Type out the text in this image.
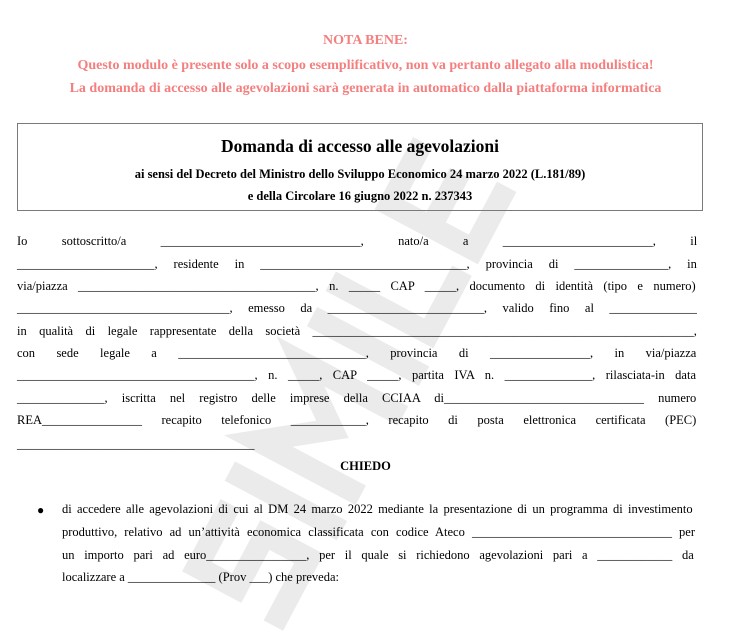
NOTA BENE:
Questo modulo è presente solo a scopo esemplificativo, non va pertanto allegato alla modulistica!
La domanda di accesso alle agevolazioni sarà generata in automatico dalla piattaforma informatica
Domanda di accesso alle agevolazioni
ai sensi del Decreto del Ministro dello Sviluppo Economico 24 marzo 2022 (L.181/89)
e della Circolare 16 giugno 2022 n. 237343
Io sottoscritto/a ________________________________, nato/a a ________________________, il
______________________, residente in _________________________________, provincia di _______________, in
via/piazza ______________________________________, n. _____ CAP _____, documento di identità (tipo e numero)
__________________________________, emesso da _________________________, valido fino al ______________
in qualità di legale rappresentate della società _____________________________________________________________,
con sede legale a ______________________________, provincia di ________________, in via/piazza
______________________________________, n. _____, CAP _____, partita IVA n. ______________, rilasciata-in data
______________, iscritta nel registro delle imprese della CCIAA di________________________________ numero
REA________________ recapito telefonico ____________, recapito di posta elettronica certificata (PEC)
______________________________________
CHIEDO
● di accedere alle agevolazioni di cui al DM 24 marzo 2022 mediante la presentazione di un programma di investimento
produttivo, relativo ad un’attività economica classificata con codice Ateco ________________________________ per
un importo pari ad euro________________, per il quale si richiedono agevolazioni pari a ____________ da
localizzare a ______________ (Prov ___) che preveda:
